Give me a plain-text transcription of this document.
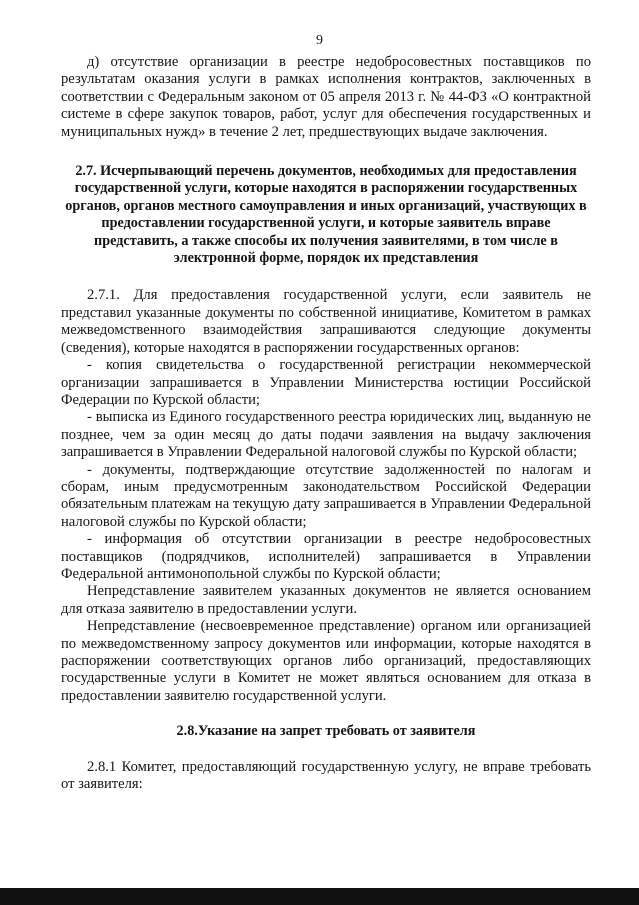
9

д) отсутствие организации в реестре недобросовестных поставщиков по результатам оказания услуги в рамках исполнения контрактов, заключенных в соответствии с Федеральным законом от 05 апреля 2013 г. № 44-ФЗ «О контрактной системе в сфере закупок товаров, работ, услуг для обеспечения государственных и муниципальных нужд» в течение 2 лет, предшествующих выдаче заключения.

2.7. Исчерпывающий перечень документов, необходимых для предоставления государственной услуги, которые находятся в распоряжении государственных органов, органов местного самоуправления и иных организаций, участвующих в предоставлении государственной услуги, и которые заявитель вправе представить, а также способы их получения заявителями, в том числе в электронной форме, порядок их представления

2.7.1. Для предоставления государственной услуги, если заявитель не представил указанные документы по собственной инициативе, Комитетом в рамках межведомственного взаимодействия запрашиваются следующие документы (сведения), которые находятся в распоряжении государственных органов:

- копия свидетельства о государственной регистрации некоммерческой организации запрашивается в Управлении Министерства юстиции Российской Федерации по Курской области;

- выписка из Единого государственного реестра юридических лиц, выданную не позднее, чем за один месяц до даты подачи заявления на выдачу заключения запрашивается в Управлении Федеральной налоговой службы по Курской области;

- документы, подтверждающие отсутствие задолженностей по налогам и сборам, иным предусмотренным законодательством Российской Федерации обязательным платежам на текущую дату запрашивается в Управлении Федеральной налоговой службы по Курской области;

- информация об отсутствии организации в реестре недобросовестных поставщиков (подрядчиков, исполнителей) запрашивается в Управлении Федеральной антимонопольной службы по Курской области;

Непредставление заявителем указанных документов не является основанием для отказа заявителю в предоставлении услуги.

Непредставление (несвоевременное представление) органом или организацией по межведомственному запросу документов или информации, которые находятся в распоряжении соответствующих органов либо организаций, предоставляющих государственные услуги в Комитет не может являться основанием для отказа в предоставлении заявителю государственной услуги.

2.8.Указание на запрет требовать от заявителя

2.8.1 Комитет, предоставляющий государственную услугу, не вправе требовать от заявителя:
